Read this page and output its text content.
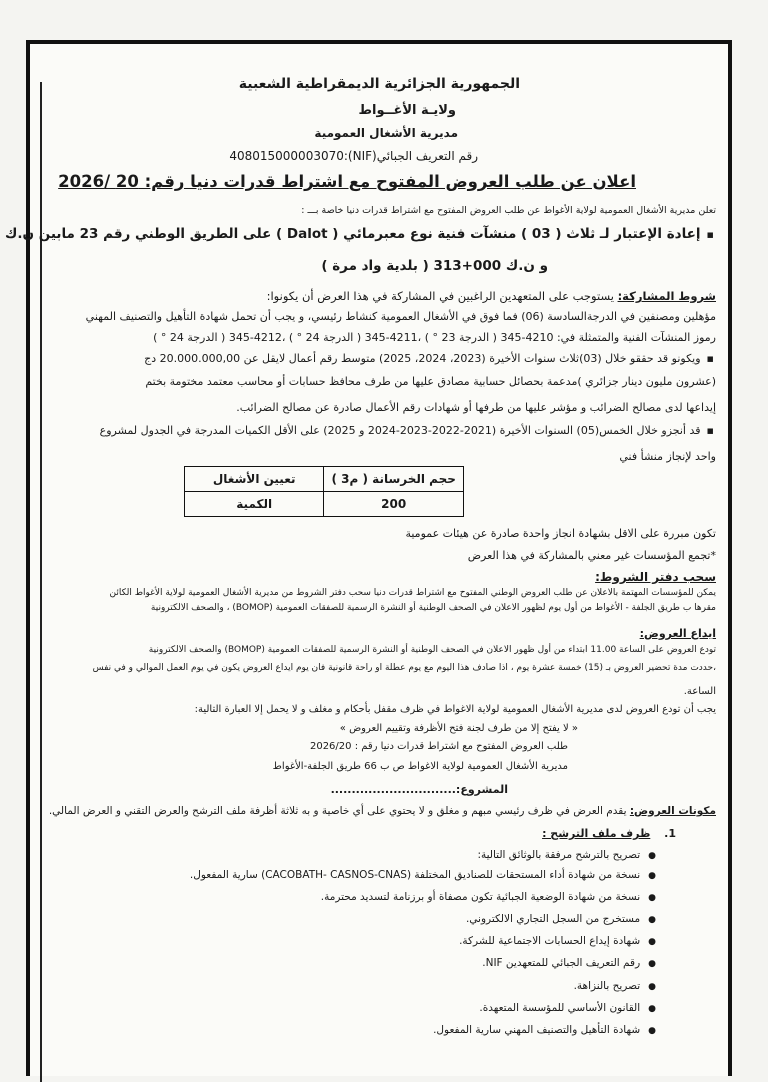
الجمهورية الجزائرية الديمقراطية الشعبية
ولايـة الأغــواط
مديرية الأشغال العمومية
رقم التعريف الجبائي(NIF):408015000003070
اعلان عن طلب العروض المفتوح مع اشتراط قدرات دنيا رقم: 20 /2026
تعلن مديرية الأشغال العمومية لولاية الأغواط عن طلب العروض المفتوح مع اشتراط قدرات دنيا خاصة بـــ :
▪ إعادة الإعتبار لـ ثلاث ( 03 ) منشآت فنية نوع معبرمائي ( Dalot ) على الطريق الوطني رقم 23 مابين ن.ك
و ن.ك 000+313 ( بلدية واد مرة )
شروط المشاركة: يستوجب على المتعهدين الراغبين في المشاركة في هذا العرض أن يكونوا:
مؤهلين ومصنفين في الدرجةالسادسة (06) فما فوق في الأشغال العمومية كنشاط رئيسي، و يجب أن تحمل شهادة التأهيل والتصنيف المهني
رموز المنشآت الفنية والمتمثلة في: 4210-345 ( الدرجة 23 ° ) ،4211-345 ( الدرجة 24 ° ) ،4212-345 ( الدرجة 24 ° )
▪ ويكونو قد حققو خلال (03)ثلاث سنوات الأخيرة (2023، 2024، 2025) متوسط رقم أعمال لايقل عن 20.000.000,00 دج
(عشرون مليون دينار جزائري )مدعمة بحصائل حسابية مصادق عليها من طرف محافظ حسابات أو محاسب معتمد مختومة بختم
إيداعها لدى مصالح الضرائب و مؤشر عليها من طرفها أو شهادات رقم الأعمال صادرة عن مصالح الضرائب.
▪ قد أنجزو خلال الخمس(05) السنوات الأخيرة (2021-2022-2023-2024 و 2025) على الأقل الكميات المدرجة في الجدول لمشروع
واحد لإنجاز منشأ فني
حجم الخرسانة ( م3 )	تعيين الأشغال
200	الكمية
تكون مبررة على الاقل بشهادة انجاز واحدة صادرة عن هيئات عمومية
*تجمع المؤسسات غير معني بالمشاركة في هذا العرض
سحب دفتر الشروط:
يمكن للمؤسسات المهتمة بالاعلان عن طلب العروض الوطني المفتوح مع اشتراط قدرات دنيا سحب دفتر الشروط من مديرية الأشغال العمومية لولاية الأغواط الكائن
مقرها ب طريق الجلفة - الأغواط من أول يوم لظهور الاعلان في الصحف الوطنية أو النشرة الرسمية للصفقات العمومية (BOMOP) ، والصحف الالكترونية
ايداع العروض:
تودع العروض على الساعة 11.00 ابتداء من أول ظهور الاعلان في الصحف الوطنية أو النشرة الرسمية للصفقات العمومية (BOMOP) والصحف الالكترونية
،حددت مدة تحضير العروض بـ (15) خمسة عشرة يوم ، اذا صادف هذا اليوم مع يوم عطلة او راحة قانونية فان يوم ايداع العروض يكون في يوم العمل الموالي و في نفس
الساعة.
يجب أن تودع العروض لدى مديرية الأشغال العمومية لولاية الاغواط في ظرف مقفل بأحكام و مغلف و لا يحمل إلا العبارة التالية:
« لا يفتح إلا من طرف لجنة فتح الأظرفة وتقييم العروض »
طلب العروض المفتوح مع اشتراط قدرات دنيا رقم : 2026/20
مديرية الأشغال العمومية لولاية الاغواط ص ب 66 طريق الجلفة-الأغواط
المشروع:..............................
مكونات العروض: يقدم العرض في ظرف رئيسي مبهم و مغلق و لا يحتوي على أي خاصية و به ثلاثة أظرفة ملف الترشح والعرض التقني و العرض المالي.
1. ظرف ملف الترشح :
● تصريح بالترشح مرفقة بالوثائق التالية:
● نسخة من شهادة أداء المستحقات للصناديق المختلفة (CACOBATH- CASNOS-CNAS) سارية المفعول.
● نسخة من شهادة الوضعية الجبائية تكون مصفاة أو برزنامة لتسديد محترمة.
● مستخرج من السجل التجاري الالكتروني.
● شهادة إيداع الحسابات الاجتماعية للشركة.
● رقم التعريف الجبائي للمتعهدين NIF.
● تصريح بالنزاهة.
● القانون الأساسي للمؤسسة المتعهدة.
● شهادة التأهيل والتصنيف المهني سارية المفعول.
